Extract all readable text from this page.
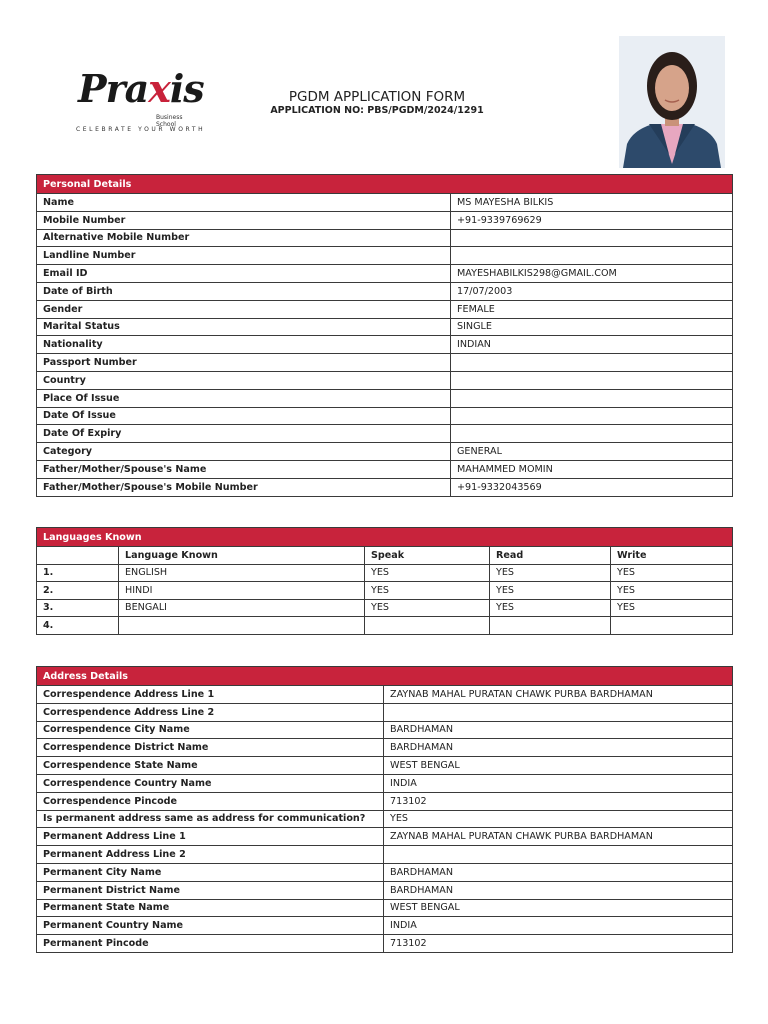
Praxis
Business School
CELEBRATE YOUR WORTH
PGDM APPLICATION FORM
APPLICATION NO: PBS/PGDM/2024/1291
Personal Details	
Name	MS MAYESHA BILKIS
Mobile Number	+91-9339769629
Alternative Mobile Number	
Landline Number	
Email ID	MAYESHABILKIS298@GMAIL.COM
Date of Birth	17/07/2003
Gender	FEMALE
Marital Status	SINGLE
Nationality	INDIAN
Passport Number	
Country	
Place Of Issue	
Date Of Issue	
Date Of Expiry	
Category	GENERAL
Father/Mother/Spouse's Name	MAHAMMED MOMIN
Father/Mother/Spouse's Mobile Number	+91-9332043569
Languages Known				
	Language Known	Speak	Read	Write
1.	ENGLISH	YES	YES	YES
2.	HINDI	YES	YES	YES
3.	BENGALI	YES	YES	YES
4.				
Address Details	
Correspendence Address Line 1	ZAYNAB MAHAL PURATAN CHAWK PURBA BARDHAMAN
Correspendence Address Line 2	
Correspendence City Name	BARDHAMAN
Correspendence District Name	BARDHAMAN
Correspendence State Name	WEST BENGAL
Correspendence Country Name	INDIA
Correspendence Pincode	713102
Is permanent address same as address for communication?	YES
Permanent Address Line 1	ZAYNAB MAHAL PURATAN CHAWK PURBA BARDHAMAN
Permanent Address Line 2	
Permanent City Name	BARDHAMAN
Permanent District Name	BARDHAMAN
Permanent State Name	WEST BENGAL
Permanent Country Name	INDIA
Permanent Pincode	713102
